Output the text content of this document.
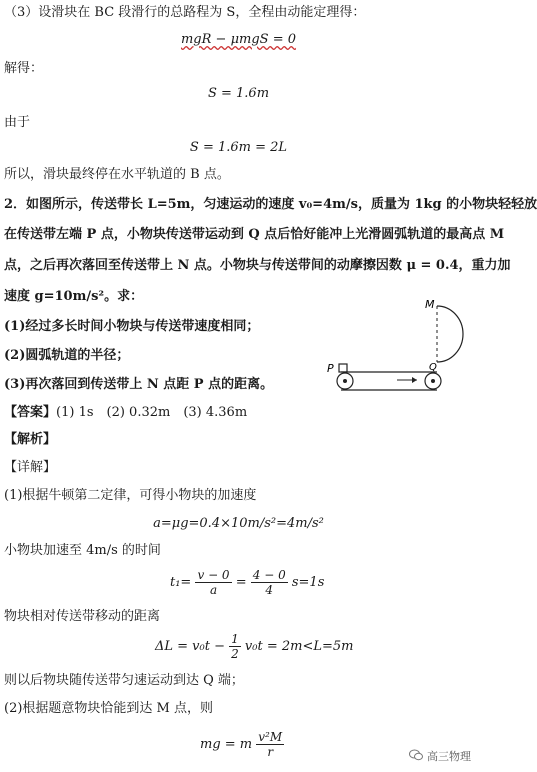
（3）设滑块在 BC 段滑行的总路程为 S，全程由动能定理得：
mgR − μmgS = 0
解得：
S = 1.6m
由于
S = 1.6m = 2L
所以，滑块最终停在水平轨道的 B 点。
2．如图所示，传送带长 L=5m，匀速运动的速度 v₀=4m/s，质量为 1kg 的小物块轻轻放
在传送带左端 P 点，小物块传送带运动到 Q 点后恰好能冲上光滑圆弧轨道的最高点 M
点，之后再次落回至传送带上 N 点。小物块与传送带间的动摩擦因数 μ = 0.4，重力加
速度 g=10m/s²。求：
(1)经过多长时间小物块与传送带速度相同；
(2)圆弧轨道的半径；
(3)再次落回到传送带上 N 点距 P 点的距离。
M
P	Q
【答案】(1) 1s　(2) 0.32m　(3) 4.36m
【解析】
【详解】
(1)根据牛顿第二定律，可得小物块的加速度
a=μg=0.4×10m/s²=4m/s²
小物块加速至 4m/s 的时间
$t_1= \frac{v - 0}{a} = \frac{4 - 0}{4} s=1s$
物块相对传送带移动的距离
$\Delta L = v_0t - \frac{1}{2} v_0t = 2m<L=5m$
则以后物块随传送带匀速运动到达 Q 端；
(2)根据题意物块恰能到达 M 点，则
mg = m $\frac{\text{v²M}}{r}$	高三物理
